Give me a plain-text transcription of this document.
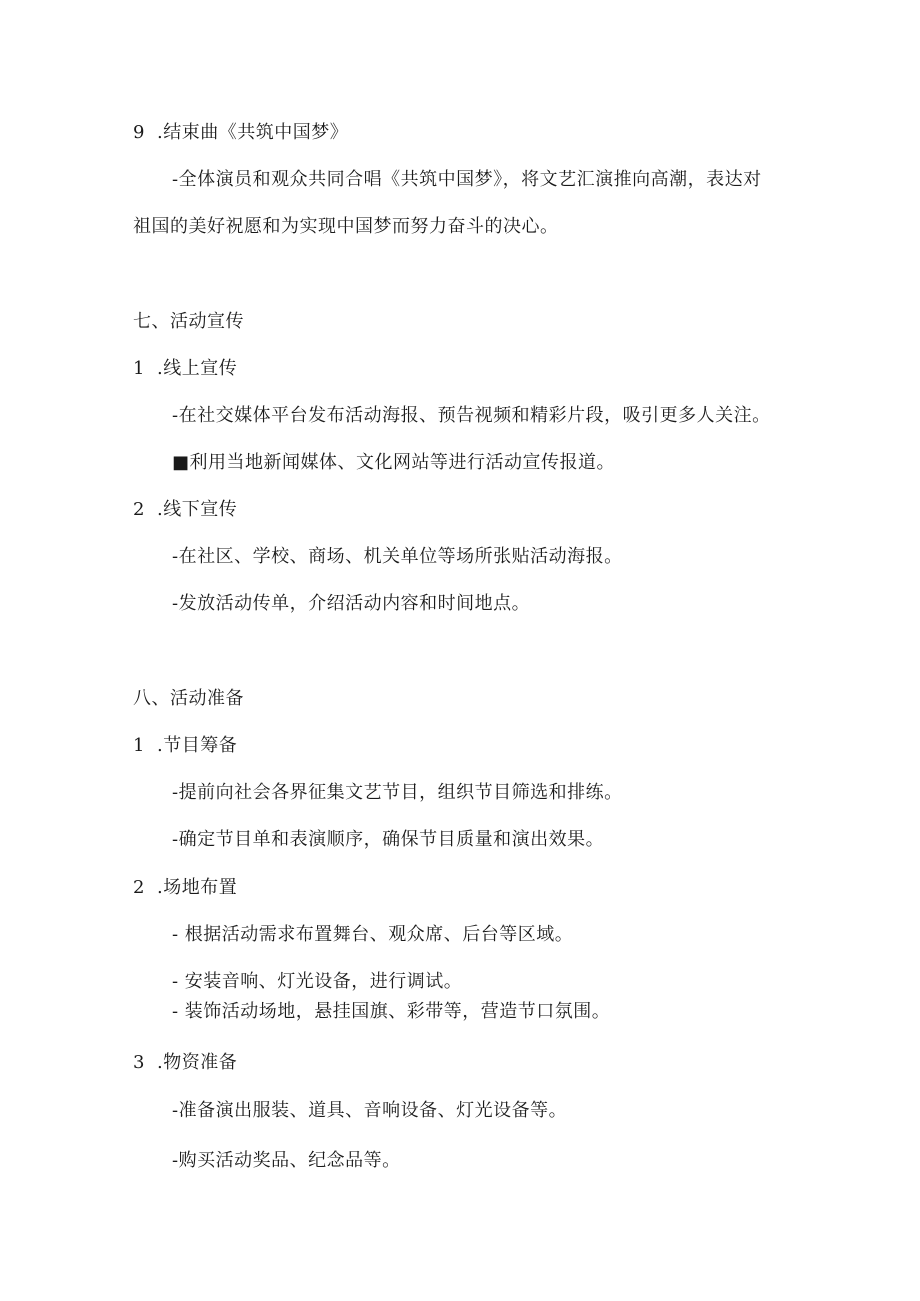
9 .结束曲《共筑中国梦》
-全体演员和观众共同合唱《共筑中国梦》，将文艺汇演推向高潮，表达对
祖国的美好祝愿和为实现中国梦而努力奋斗的决心。
七、活动宣传
1 .线上宣传
-在社交媒体平台发布活动海报、预告视频和精彩片段，吸引更多人关注。
■利用当地新闻媒体、文化网站等进行活动宣传报道。
2 .线下宣传
-在社区、学校、商场、机关单位等场所张贴活动海报。
-发放活动传单，介绍活动内容和时间地点。
八、活动准备
1 .节目筹备
-提前向社会各界征集文艺节目，组织节目筛选和排练。
-确定节目单和表演顺序，确保节目质量和演出效果。
2 .场地布置
- 根据活动需求布置舞台、观众席、后台等区域。
- 安装音响、灯光设备，进行调试。
- 装饰活动场地，悬挂国旗、彩带等，营造节口氛围。
3 .物资准备
-准备演出服装、道具、音响设备、灯光设备等。
-购买活动奖品、纪念品等。
